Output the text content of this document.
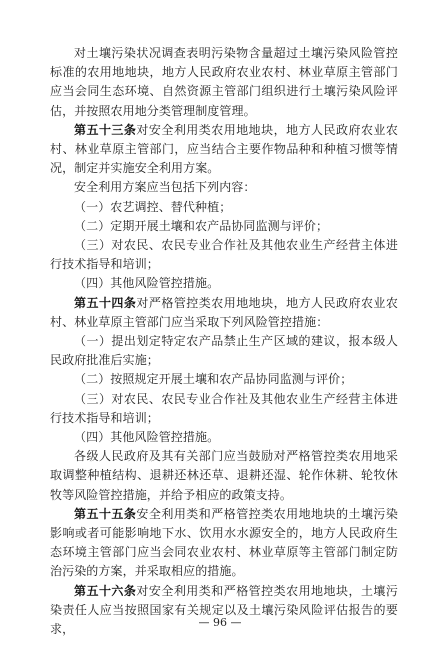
对土壤污染状况调查表明污染物含量超过土壤污染风险管控标准的农用地地块，地方人民政府农业农村、林业草原主管部门应当会同生态环境、自然资源主管部门组织进行土壤污染风险评估，并按照农用地分类管理制度管理。

第五十三条对安全利用类农用地地块，地方人民政府农业农村、林业草原主管部门，应当结合主要作物品种和种植习惯等情况，制定并实施安全利用方案。

安全利用方案应当包括下列内容：

（一）农艺调控、替代种植；

（二）定期开展土壤和农产品协同监测与评价；

（三）对农民、农民专业合作社及其他农业生产经营主体进行技术指导和培训；

（四）其他风险管控措施。

第五十四条对严格管控类农用地地块，地方人民政府农业农村、林业草原主管部门应当采取下列风险管控措施：

（一）提出划定特定农产品禁止生产区域的建议，报本级人民政府批准后实施；

（二）按照规定开展土壤和农产品协同监测与评价；

（三）对农民、农民专业合作社及其他农业生产经营主体进行技术指导和培训；

（四）其他风险管控措施。

各级人民政府及其有关部门应当鼓励对严格管控类农用地采取调整种植结构、退耕还林还草、退耕还湿、轮作休耕、轮牧休牧等风险管控措施，并给予相应的政策支持。

第五十五条安全利用类和严格管控类农用地地块的土壤污染影响或者可能影响地下水、饮用水水源安全的，地方人民政府生态环境主管部门应当会同农业农村、林业草原等主管部门制定防治污染的方案，并采取相应的措施。

第五十六条对安全利用类和严格管控类农用地地块，土壤污染责任人应当按照国家有关规定以及土壤污染风险评估报告的要求，	— 96 —
